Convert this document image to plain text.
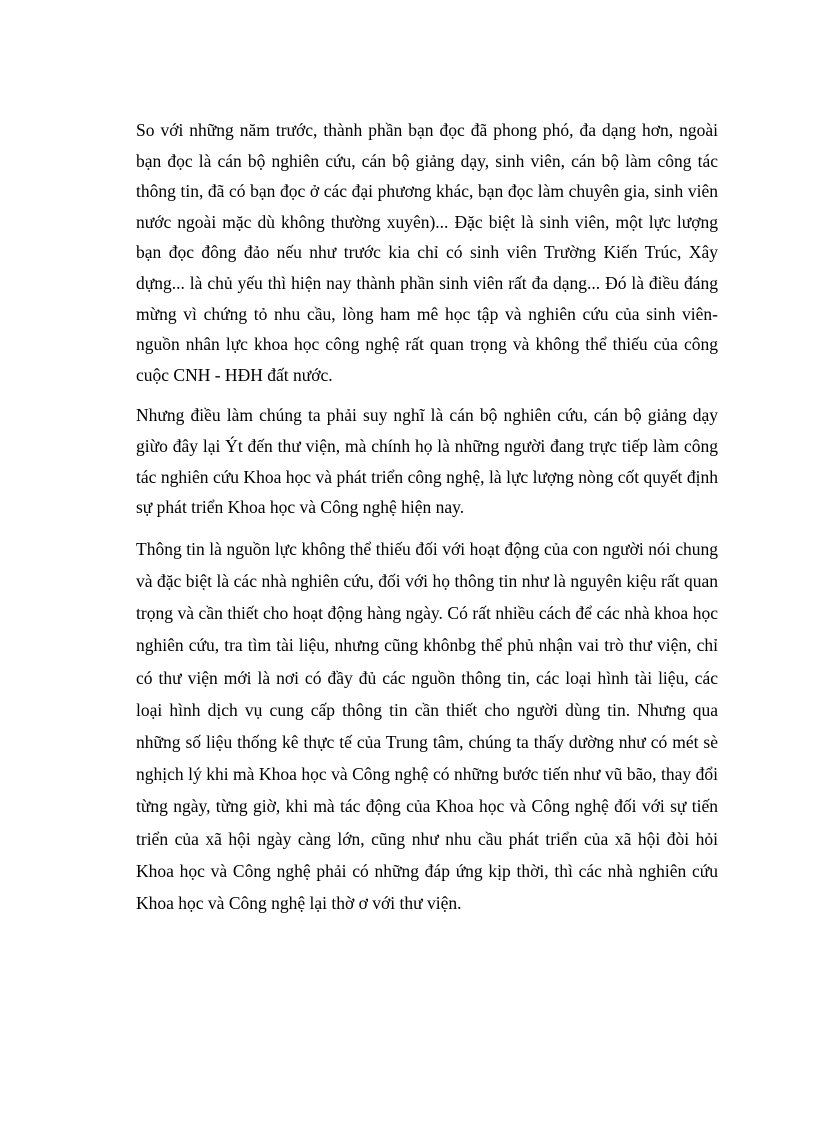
So với những năm trước, thành phần bạn đọc đã phong phó, đa dạng hơn, ngoài bạn đọc là cán bộ nghiên cứu, cán bộ giảng dạy, sinh viên, cán bộ làm công tác thông tin, đã có bạn đọc ở các đại phương khác, bạn đọc làm chuyên gia, sinh viên nước ngoài mặc dù không thường xuyên)... Đặc biệt là sinh viên, một lực lượng bạn đọc đông đảo nếu như trước kia chỉ có sinh viên Trường Kiến Trúc, Xây dựng... là chủ yếu thì hiện nay thành phần sinh viên rất đa dạng... Đó là điều đáng mừng vì chứng tỏ nhu cầu, lòng ham mê học tập và nghiên cứu của sinh viên- nguồn nhân lực khoa học công nghệ rất quan trọng và không thể thiếu của công cuộc CNH - HĐH đất nước.

Nhưng điều làm chúng ta phải suy nghĩ là cán bộ nghiên cứu, cán bộ giảng dạy giừo đây lại Ýt đến thư viện, mà chính họ là những người đang trực tiếp làm công tác nghiên cứu Khoa học và phát triển công nghệ, là lực lượng nòng cốt quyết định sự phát triển Khoa học và Công nghệ hiện nay.

Thông tin là nguồn lực không thể thiếu đối với hoạt động của con người nói chung và đặc biệt là các nhà nghiên cứu, đối với họ thông tin như là nguyên kiệu rất quan trọng và cần thiết cho hoạt động hàng ngày. Có rất nhiều cách để các nhà khoa học nghiên cứu, tra tìm tài liệu, nhưng cũng khônbg thể phủ nhận vai trò thư viện, chỉ có thư viện mới là nơi có đầy đủ các nguồn thông tin, các loại hình tài liệu, các loại hình dịch vụ cung cấp thông tin cần thiết cho người dùng tin. Nhưng qua những số liệu thống kê thực tế của Trung tâm, chúng ta thấy dường như có mét sè nghịch lý khi mà Khoa học và Công nghệ có những bước tiến như vũ bão, thay đổi từng ngày, từng giờ, khi mà tác động của Khoa học và Công nghệ đối với sự tiến triển của xã hội ngày càng lớn, cũng như nhu cầu phát triển của xã hội đòi hỏi Khoa học và Công nghệ phải có những đáp ứng kịp thời, thì các nhà nghiên cứu Khoa học và Công nghệ lại thờ ơ với thư viện.
